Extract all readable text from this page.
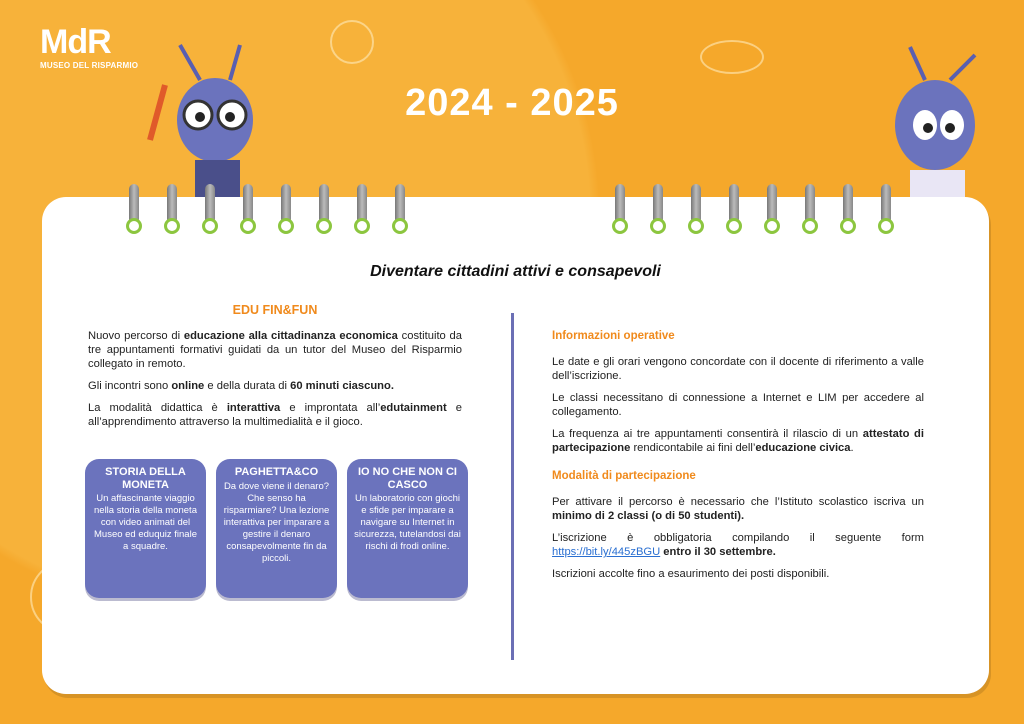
MdR
MUSEO DEL RISPARMIO
2024 - 2025
Diventare cittadini attivi e consapevoli
EDU FIN&FUN

Nuovo percorso di educazione alla cittadinanza economica costituito da tre appuntamenti formativi guidati da un tutor del Museo del Risparmio collegato in remoto.

Gli incontri sono online e della durata di 60 minuti ciascuno.

La modalità didattica è interattiva e improntata all’edutainment e all’apprendimento attraverso la multimedialità e il gioco.

STORIA DELLA MONETA
Un affascinante viaggio nella storia della moneta con video animati del Museo ed eduquiz finale a squadre.
PAGHETTA&CO
Da dove viene il denaro? Che senso ha risparmiare? Una lezione interattiva per imparare a gestire il denaro consapevolmente fin da piccoli.
IO NO CHE NON CI CASCO
Un laboratorio con giochi e sfide per imparare a navigare su Internet in sicurezza, tutelandosi dai rischi di frodi online.
Informazioni operative

Le date e gli orari vengono concordate con il docente di riferimento a valle dell’iscrizione.

Le classi necessitano di connessione a Internet e LIM per accedere al collegamento.

La frequenza ai tre appuntamenti consentirà il rilascio di un attestato di partecipazione rendicontabile ai fini dell’educazione civica.

Modalità di partecipazione

Per attivare il percorso è necessario che l’Istituto scolastico iscriva un minimo di 2 classi (o di 50 studenti).

L’iscrizione è obbligatoria compilando il seguente form https://bit.ly/445zBGU entro il 30 settembre.

Iscrizioni accolte fino a esaurimento dei posti disponibili.
